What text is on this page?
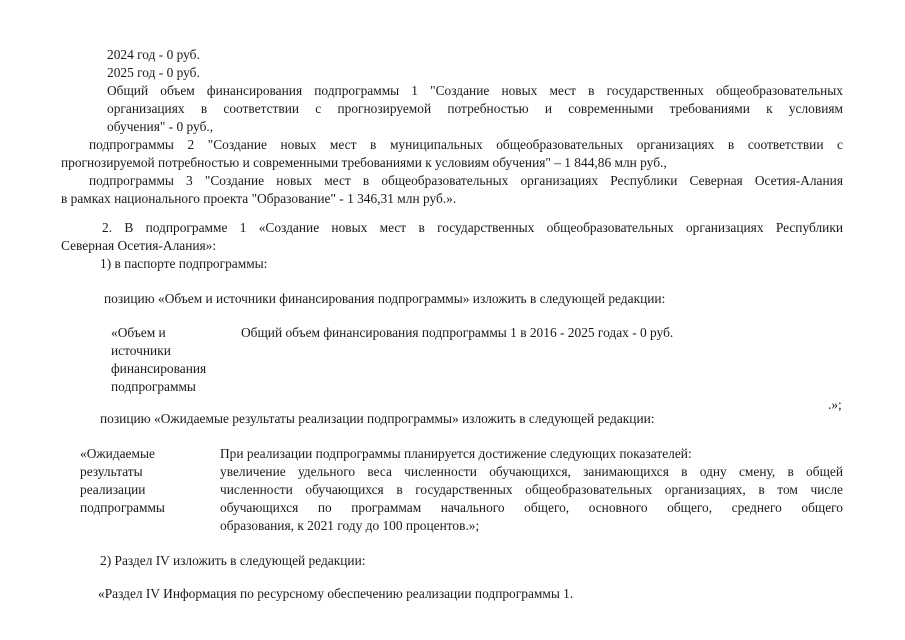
2024 год - 0 руб.
2025 год - 0 руб.
Общий объем финансирования подпрограммы 1 "Создание новых мест в государственных общеобразовательных
организациях в соответствии с прогнозируемой потребностью и современными требованиями к условиям
обучения" - 0 руб.,
подпрограммы 2 "Создание новых мест в муниципальных общеобразовательных организациях в соответствии с
прогнозируемой потребностью и современными требованиями к условиям обучения" – 1 844,86 млн руб.,
подпрограммы 3 "Создание новых мест в общеобразовательных организациях Республики Северная Осетия-Алания
в рамках национального проекта "Образование" - 1 346,31 млн руб.».
2. В подпрограмме 1 «Создание новых мест в государственных общеобразовательных организациях Республики
Северная Осетия-Алания»:
1) в паспорте подпрограммы:
позицию «Объем и источники финансирования подпрограммы» изложить в следующей редакции:
«Объем и
источники
финансирования
подпрограммы
Общий объем финансирования подпрограммы 1 в 2016 - 2025 годах - 0 руб.
.»;
позицию «Ожидаемые результаты реализации подпрограммы» изложить в следующей редакции:
«Ожидаемые
результаты
реализации
подпрограммы
При реализации подпрограммы планируется достижение следующих показателей:
увеличение удельного веса численности обучающихся, занимающихся в одну смену, в общей
численности обучающихся в государственных общеобразовательных организациях, в том числе
обучающихся по программам начального общего, основного общего, среднего общего
образования, к 2021 году до 100 процентов.»;
2) Раздел IV изложить в следующей редакции:
«Раздел IV Информация по ресурсному обеспечению реализации подпрограммы 1.
